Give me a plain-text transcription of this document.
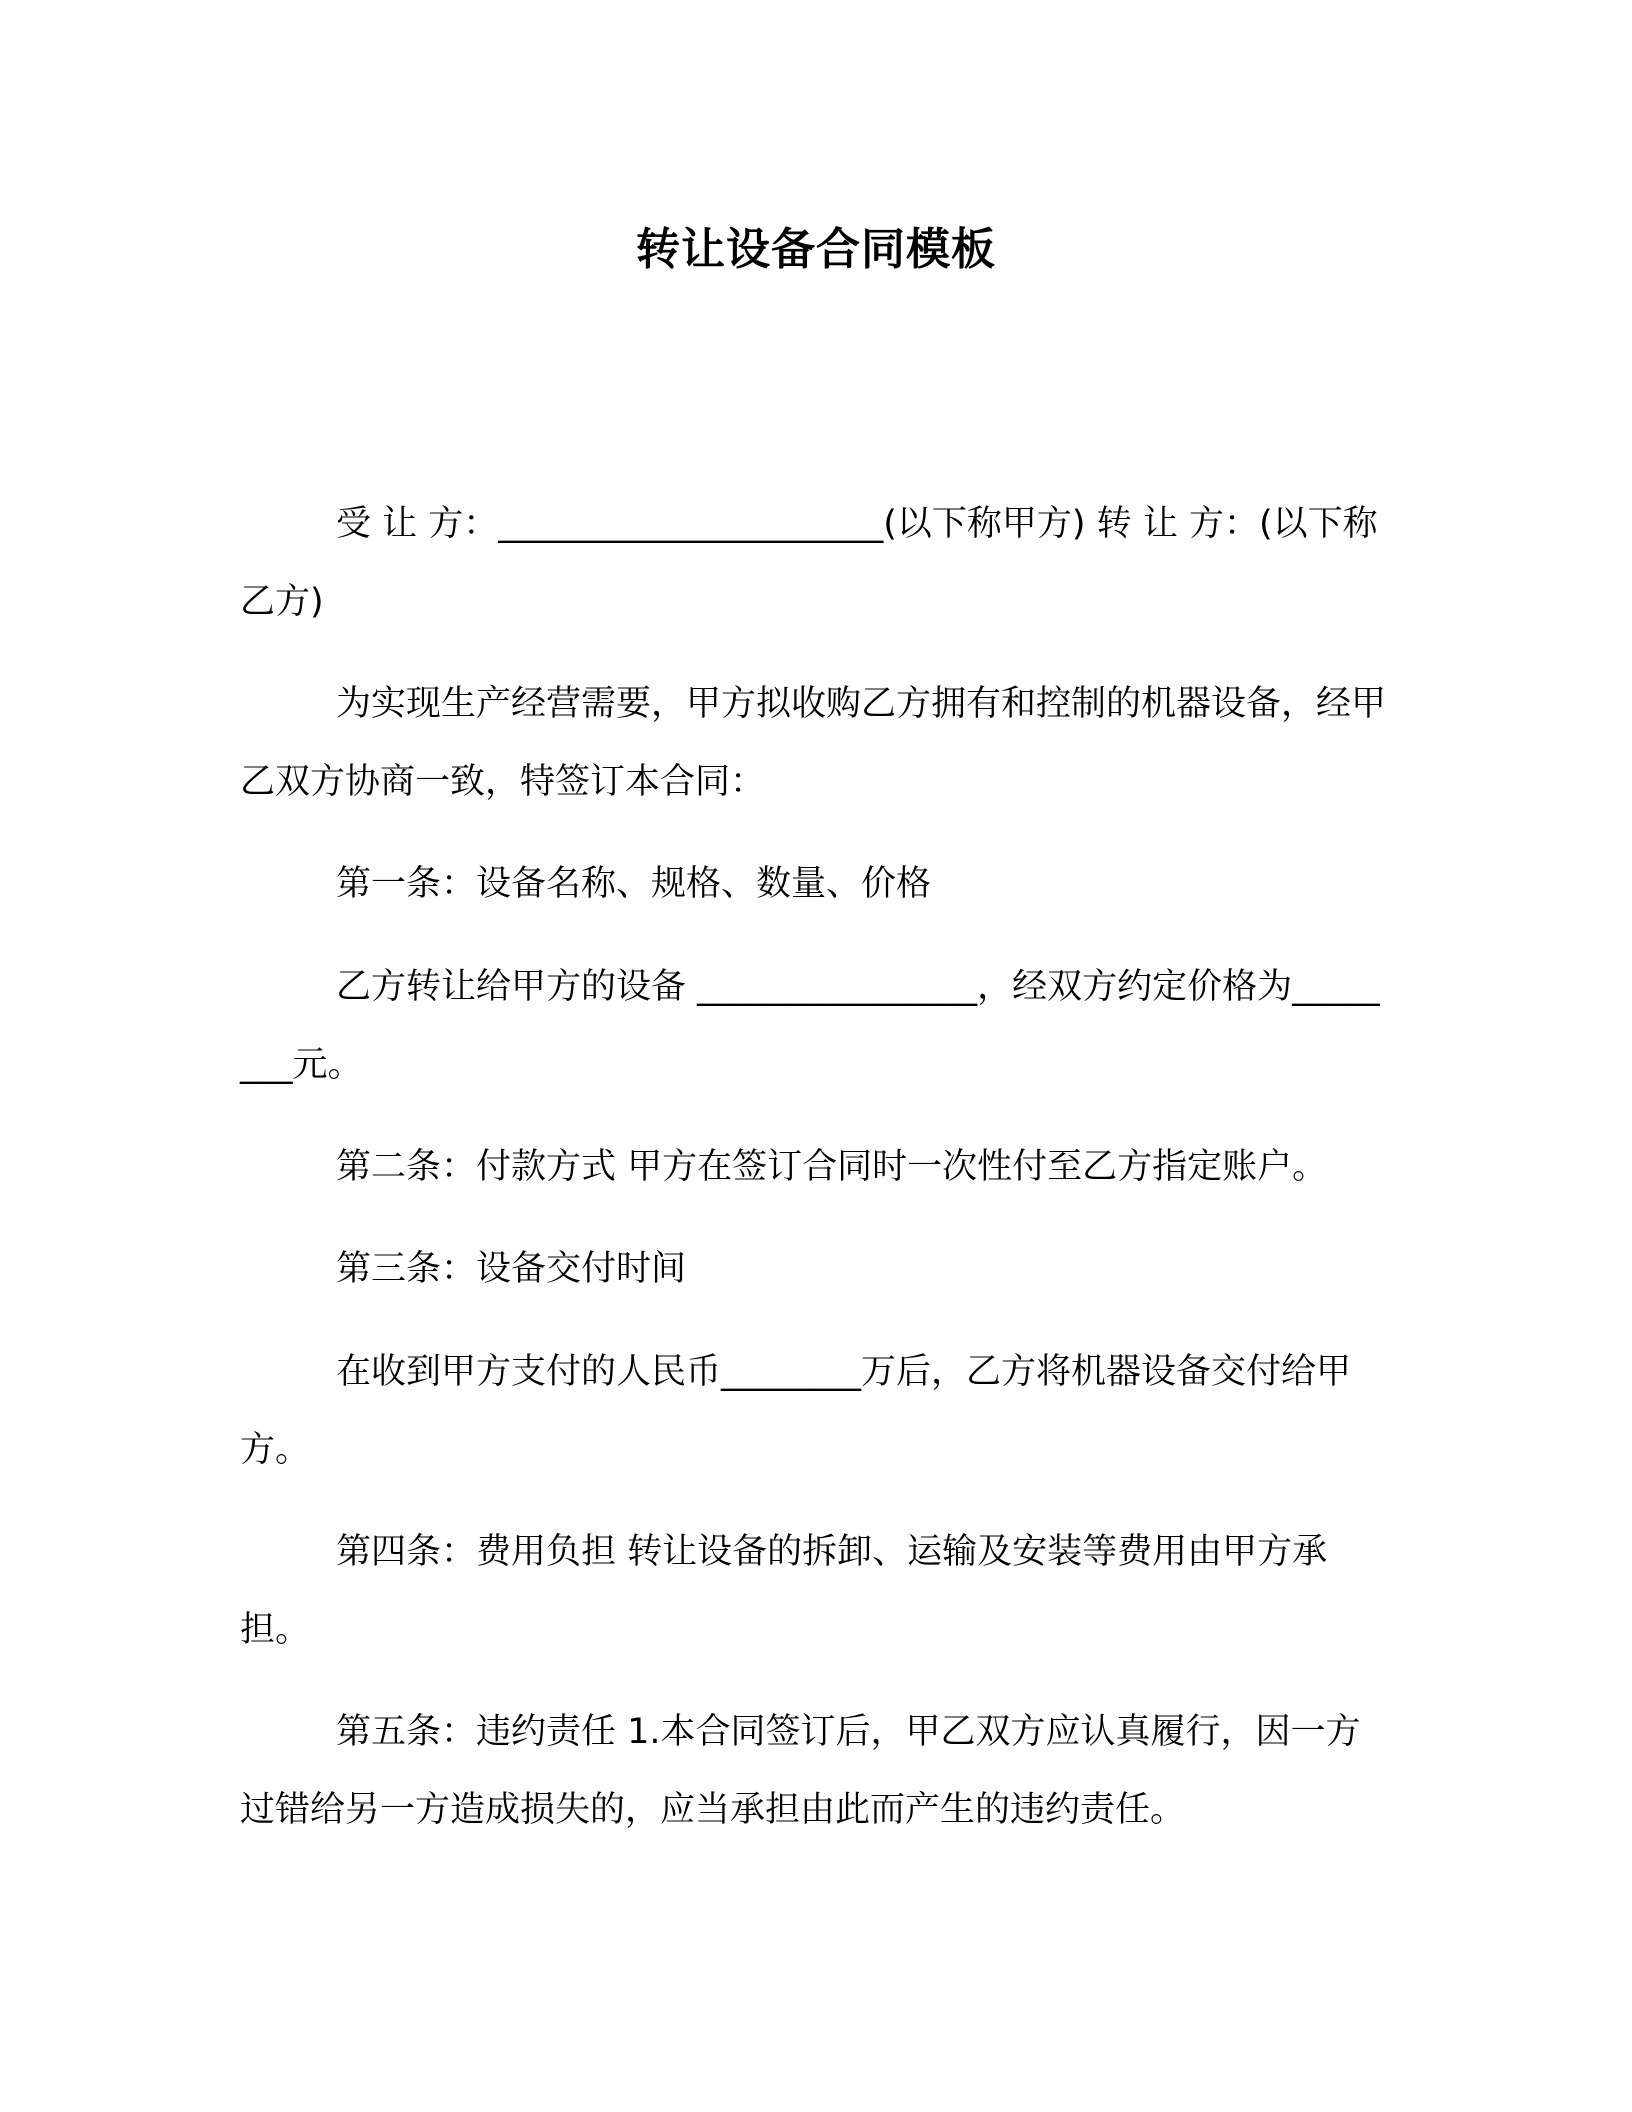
转让设备合同模板
受 让 方：______________________(以下称甲方) 转 让 方：(以下称乙方)
为实现生产经营需要，甲方拟收购乙方拥有和控制的机器设备，经甲乙双方协商一致，特签订本合同：
第一条：设备名称、规格、数量、价格
乙方转让给甲方的设备 ________________，经双方约定价格为________元。
第二条：付款方式 甲方在签订合同时一次性付至乙方指定账户。
第三条：设备交付时间
在收到甲方支付的人民币________万后，乙方将机器设备交付给甲方。
第四条：费用负担 转让设备的拆卸、运输及安装等费用由甲方承担。
第五条：违约责任 1.本合同签订后，甲乙双方应认真履行，因一方过错给另一方造成损失的，应当承担由此而产生的违约责任。
